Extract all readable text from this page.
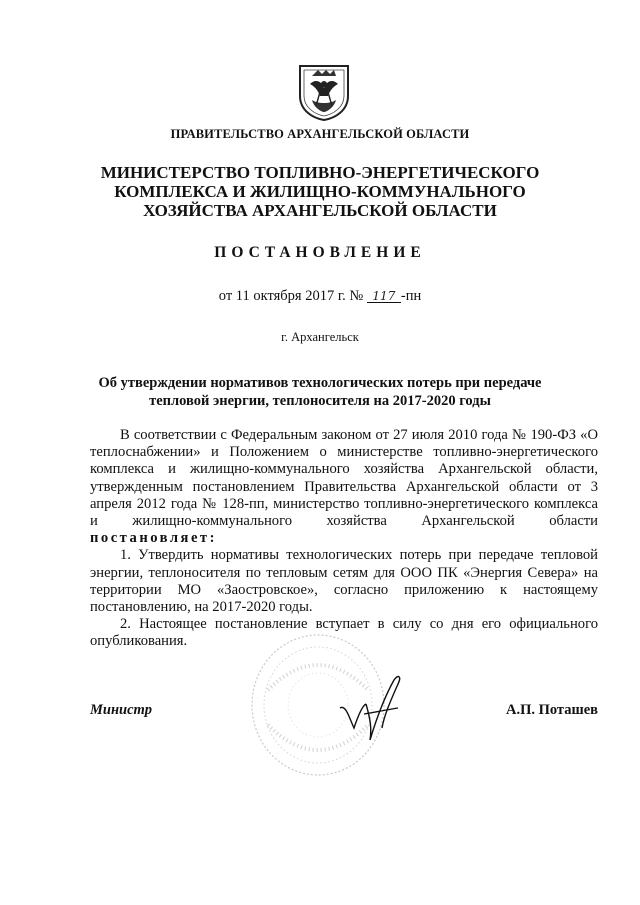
ПРАВИТЕЛЬСТВО АРХАНГЕЛЬСКОЙ ОБЛАСТИ
МИНИСТЕРСТВО ТОПЛИВНО-ЭНЕРГЕТИЧЕСКОГО
КОМПЛЕКСА И ЖИЛИЩНО-КОММУНАЛЬНОГО
ХОЗЯЙСТВА АРХАНГЕЛЬСКОЙ ОБЛАСТИ
ПОСТАНОВЛЕНИЕ
от 11 октября 2017 г. № 117 -пн
г. Архангельск
Об утверждении нормативов технологических потерь при передаче
тепловой энергии, теплоносителя на 2017-2020 годы

В соответствии с Федеральным законом от 27 июля 2010 года № 190-ФЗ «О теплоснабжении» и Положением о министерстве топливно-энергетического комплекса и жилищно-коммунального хозяйства Архангельской области, утвержденным постановлением Правительства Архангельской области от 3 апреля 2012 года № 128-пп, министерство топливно-энергетического комплекса и жилищно-коммунального хозяйства Архангельской области постановляет:

1. Утвердить нормативы технологических потерь при передаче тепловой энергии, теплоносителя по тепловым сетям для ООО ПК «Энергия Севера» на территории МО «Заостровское», согласно приложению к настоящему постановлению, на 2017-2020 годы.

2. Настоящее постановление вступает в силу со дня его официального опубликования.

Министр	А.П. Поташев
